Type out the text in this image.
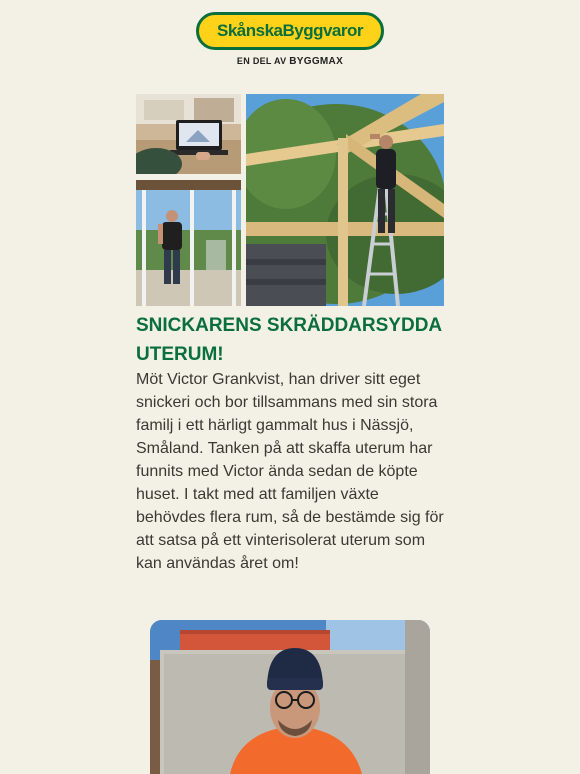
SkånskaByggvaror
EN DEL AV BYGGMAX
SNICKARENS SKRÄDDARSYDDA UTERUM!
Möt Victor Grankvist, han driver sitt eget snickeri och bor tillsammans med sin stora familj i ett härligt gammalt hus i Nässjö, Småland. Tanken på att skaffa uterum har funnits med Victor ända sedan de köpte huset. I takt med att familjen växte behövdes flera rum, så de bestämde sig för att satsa på ett vinterisolerat uterum som kan användas året om!
